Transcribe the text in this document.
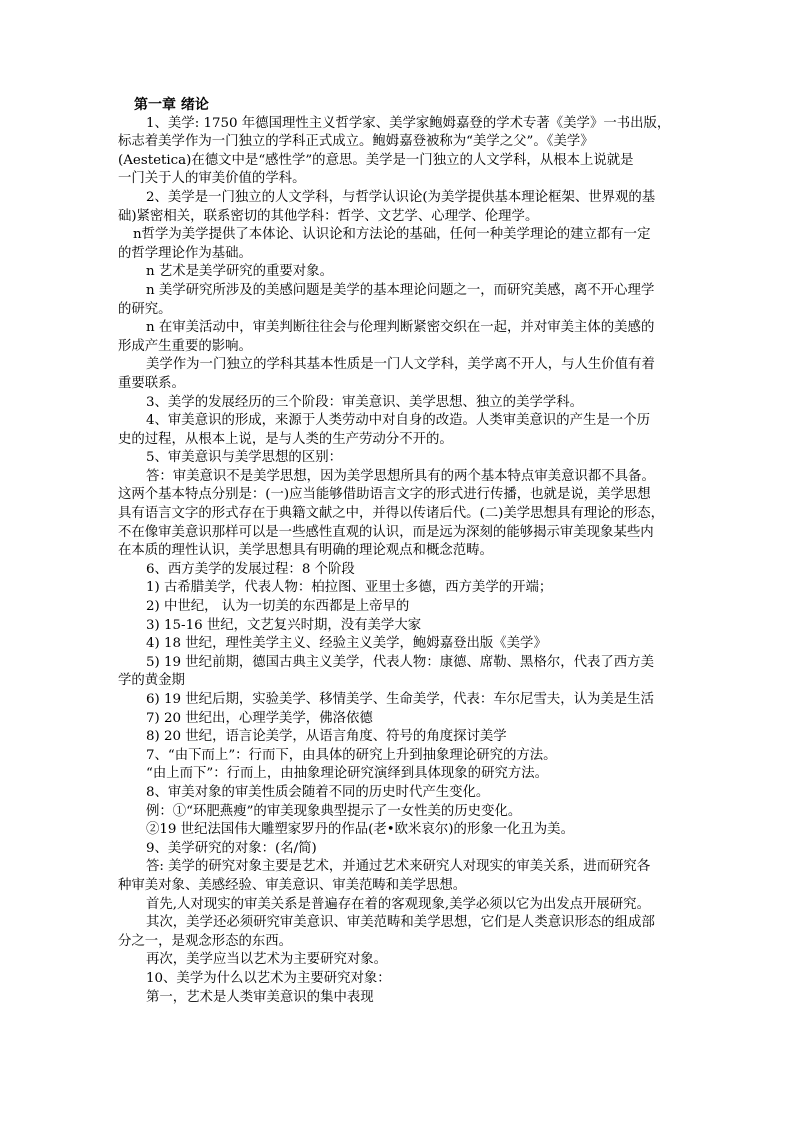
第一章 绪论
1、美学: 1750 年德国理性主义哲学家、美学家鲍姆嘉登的学术专著《美学》一书出版，
标志着美学作为一门独立的学科正式成立。鲍姆嘉登被称为“美学之父”。《美学》
(Aestetica)在德文中是“感性学”的意思。美学是一门独立的人文学科，从根本上说就是
一门关于人的审美价值的学科。
2、美学是一门独立的人文学科，与哲学认识论(为美学提供基本理论框架、世界观的基
础)紧密相关，联系密切的其他学科：哲学、文艺学、心理学、伦理学。
n哲学为美学提供了本体论、认识论和方法论的基础，任何一种美学理论的建立都有一定
的哲学理论作为基础。
n 艺术是美学研究的重要对象。
n 美学研究所涉及的美感问题是美学的基本理论问题之一，而研究美感，离不开心理学
的研究。
n 在审美活动中，审美判断往往会与伦理判断紧密交织在一起，并对审美主体的美感的
形成产生重要的影响。
美学作为一门独立的学科其基本性质是一门人文学科，美学离不开人，与人生价值有着
重要联系。
3、美学的发展经历的三个阶段：审美意识、美学思想、独立的美学学科。
4、审美意识的形成，来源于人类劳动中对自身的改造。人类审美意识的产生是一个历
史的过程，从根本上说，是与人类的生产劳动分不开的。
5、审美意识与美学思想的区别：
答：审美意识不是美学思想，因为美学思想所具有的两个基本特点审美意识都不具备。
这两个基本特点分别是：(一)应当能够借助语言文字的形式进行传播，也就是说，美学思想
具有语言文字的形式存在于典籍文献之中，并得以传诸后代。(二)美学思想具有理论的形态，
不在像审美意识那样可以是一些感性直观的认识，而是远为深刻的能够揭示审美现象某些内
在本质的理性认识，美学思想具有明确的理论观点和概念范畴。
6、西方美学的发展过程：8 个阶段
1) 古希腊美学，代表人物：柏拉图、亚里士多德，西方美学的开端；
2) 中世纪， 认为一切美的东西都是上帝早的
3) 15-16 世纪，文艺复兴时期，没有美学大家
4) 18 世纪，理性美学主义、经验主义美学，鲍姆嘉登出版《美学》
5) 19 世纪前期，德国古典主义美学，代表人物：康德、席勒、黑格尔，代表了西方美
学的黄金期
6) 19 世纪后期，实验美学、移情美学、生命美学，代表：车尔尼雪夫，认为美是生活
7) 20 世纪出，心理学美学，佛洛依德
8) 20 世纪，语言论美学，从语言角度、符号的角度探讨美学
7、“由下而上”：行而下，由具体的研究上升到抽象理论研究的方法。
“由上而下”：行而上，由抽象理论研究演绎到具体现象的研究方法。
8、审美对象的审美性质会随着不同的历史时代产生变化。
例：①“环肥燕瘦”的审美现象典型提示了一女性美的历史变化。
②19 世纪法国伟大雕塑家罗丹的作品(老•欧米哀尔)的形象一化丑为美。
9、美学研究的对象：(名/简)
答: 美学的研究对象主要是艺术，并通过艺术来研究人对现实的审美关系，进而研究各
种审美对象、美感经验、审美意识、审美范畴和美学思想。
首先,人对现实的审美关系是普遍存在着的客观现象,美学必须以它为出发点开展研究。
其次，美学还必须研究审美意识、审美范畴和美学思想，它们是人类意识形态的组成部
分之一，是观念形态的东西。
再次，美学应当以艺术为主要研究对象。
10、美学为什么以艺术为主要研究对象：
第一，艺术是人类审美意识的集中表现
